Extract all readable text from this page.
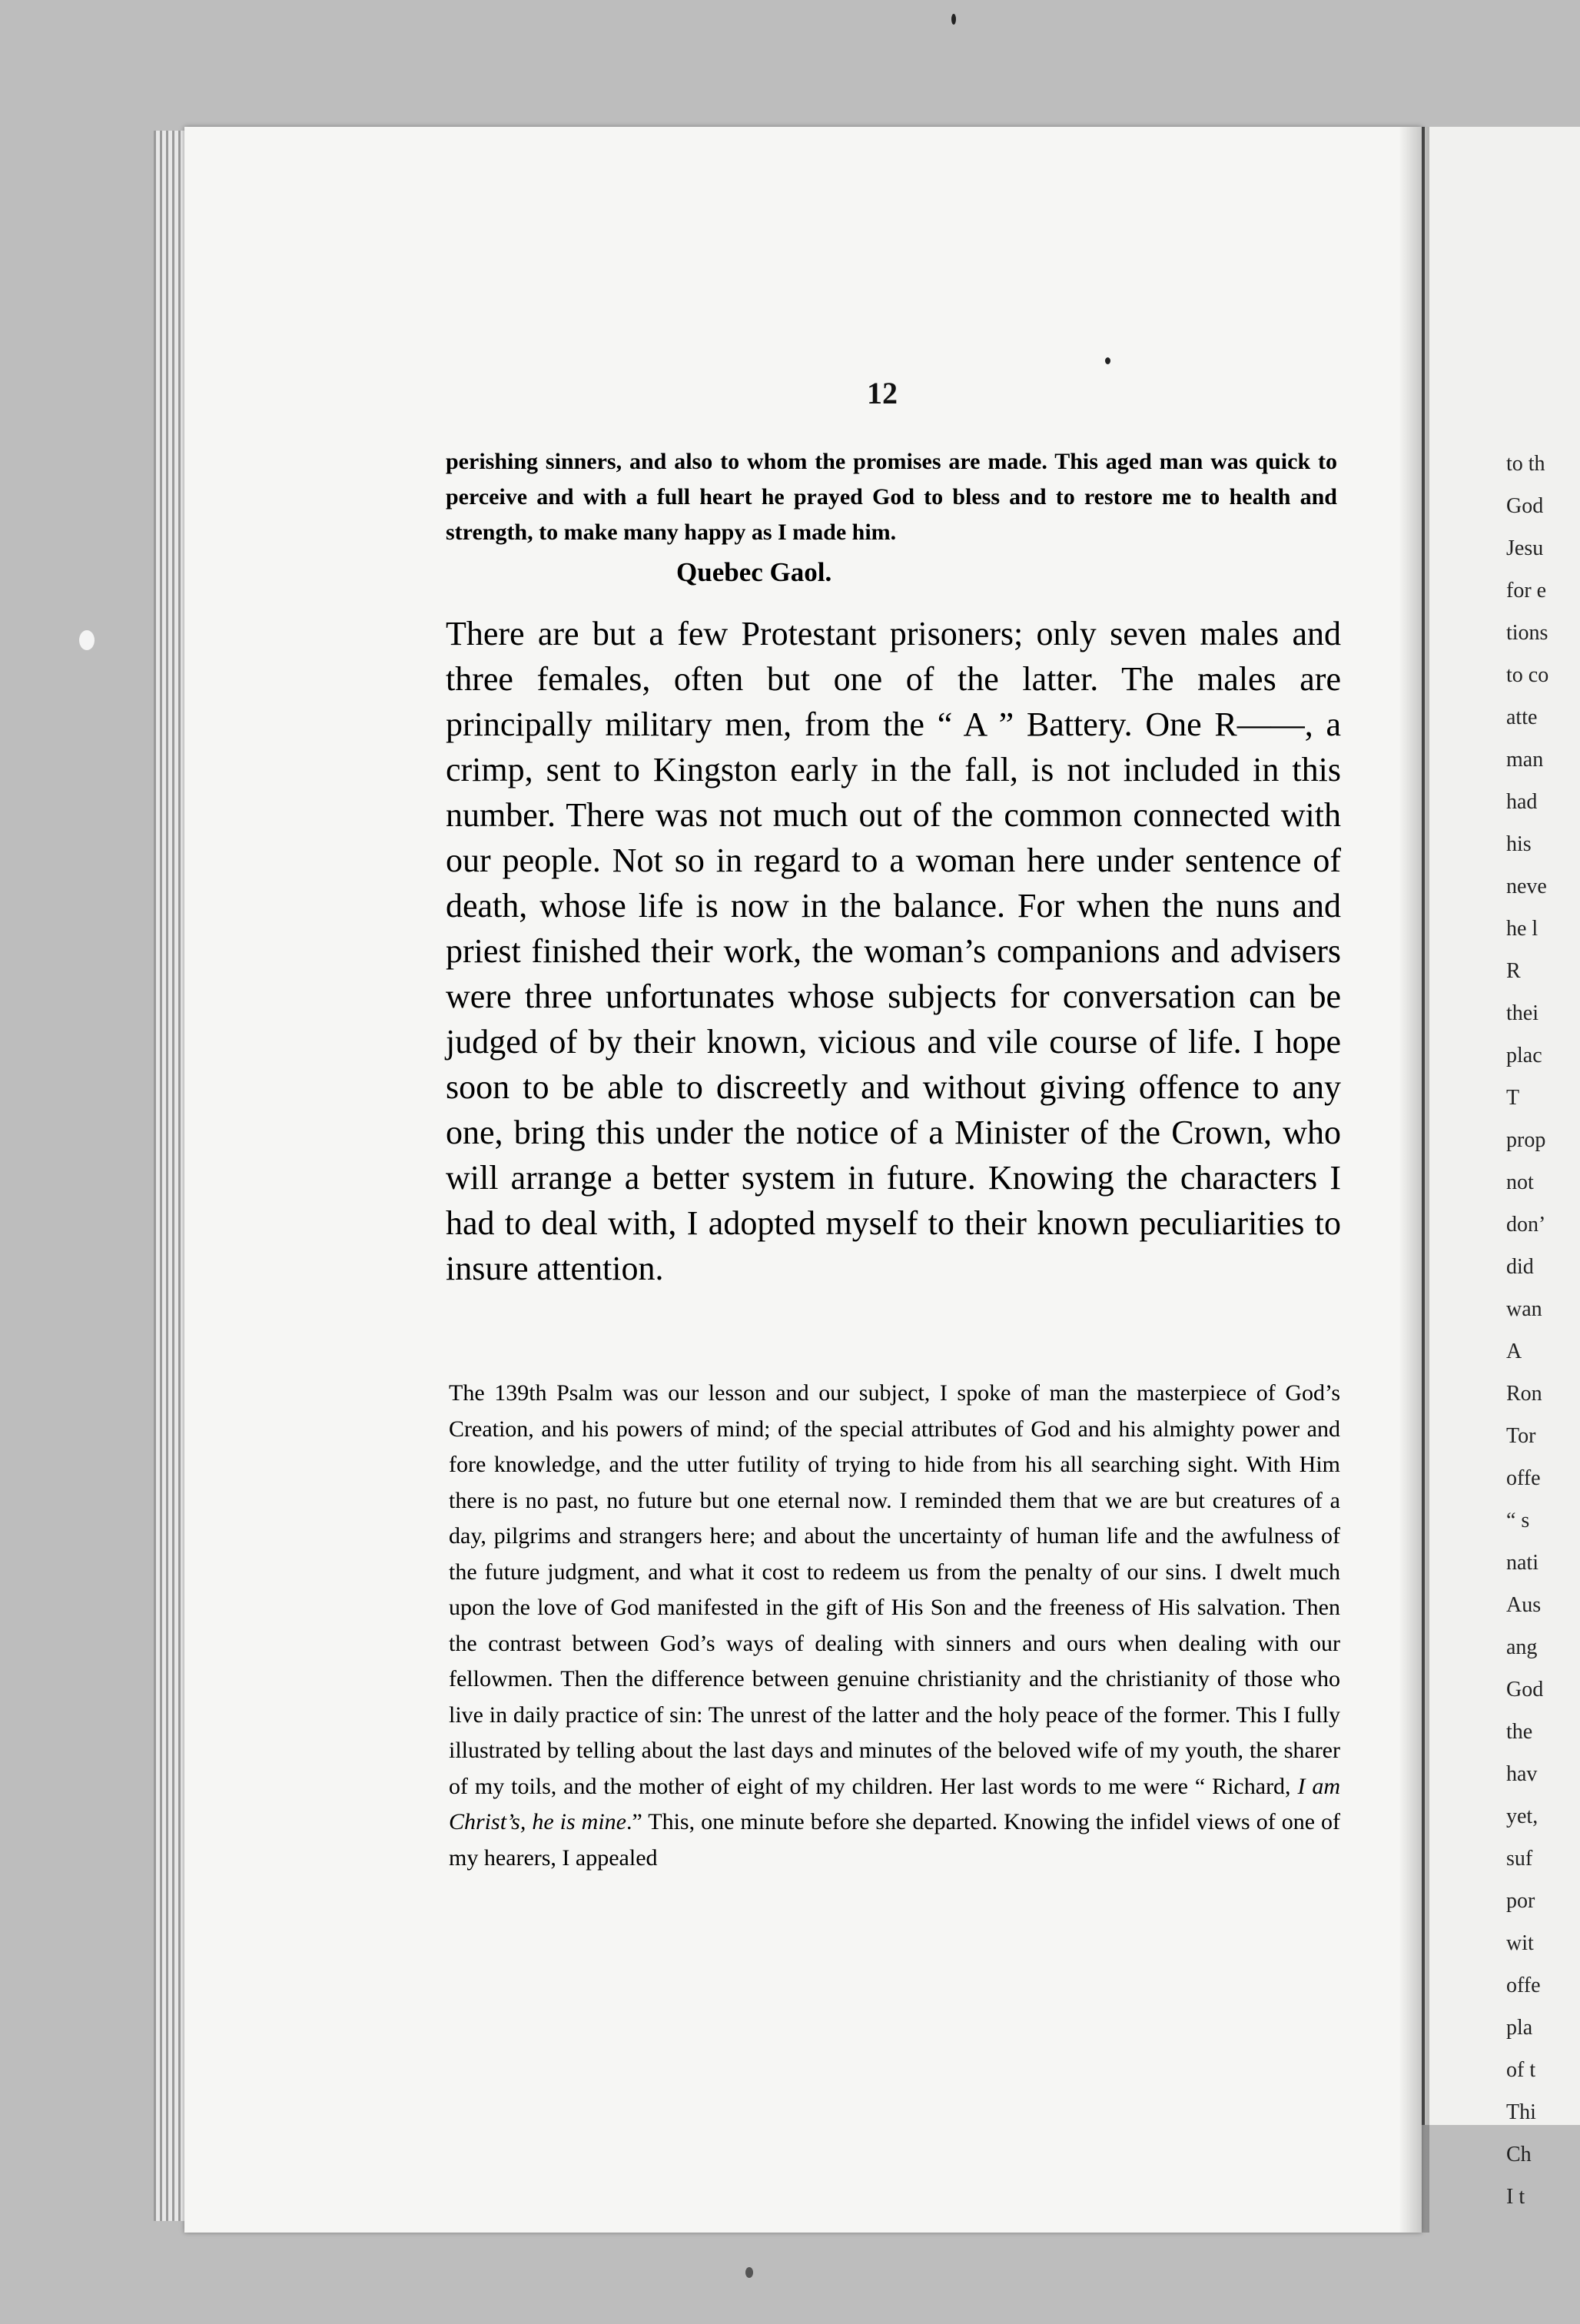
12

perishing sinners, and also to whom the promises are made. This aged man was quick to perceive and with a full heart he prayed God to bless and to restore me to health and strength, to make many happy as I made him.

Quebec Gaol.

There are but a few Protestant prisoners; only seven males and three females, often but one of the latter. The males are principally military men, from the “ A ” Battery. One R——, a crimp, sent to Kingston early in the fall, is not included in this number. There was not much out of the common connected with our people. Not so in regard to a woman here under sentence of death, whose life is now in the balance. For when the nuns and priest finished their work, the woman’s companions and advisers were three unfortunates whose subjects for conversation can be judged of by their known, vicious and vile course of life. I hope soon to be able to discreetly and without giving offence to any one, bring this under the notice of a Minister of the Crown, who will arrange a better system in future. Knowing the characters I had to deal with, I adopted myself to their known peculiarities to insure attention.

The 139th Psalm was our lesson and our subject, I spoke of man the masterpiece of God’s Creation, and his powers of mind; of the special attributes of God and his almighty power and fore knowledge, and the utter futility of trying to hide from his all searching sight. With Him there is no past, no future but one eternal now. I reminded them that we are but creatures of a day, pilgrims and strangers here; and about the uncertainty of human life and the awfulness of the future judgment, and what it cost to redeem us from the penalty of our sins. I dwelt much upon the love of God manifested in the gift of His Son and the freeness of His salvation. Then the contrast between God’s ways of dealing with sinners and ours when dealing with our fellowmen. Then the difference between genuine christianity and the christianity of those who live in daily practice of sin: The unrest of the latter and the holy peace of the former. This I fully illustrated by telling about the last days and minutes of the beloved wife of my youth, the sharer of my toils, and the mother of eight of my children. Her last words to me were “ Richard, I am Christ’s, he is mine.” This, one minute before she departed. Knowing the infidel views of one of my hearers, I appealed

to th
God
Jesu
for e
tions
to co
atte
man
had
his
neve
he l
R
thei
plac
T
prop
not
don’
did
wan
A
Ron
Tor
offe
“ s
nati
Aus
ang
God
the
hav
yet,
suf
por
wit
offe
pla
of t
Thi
Ch
I t
